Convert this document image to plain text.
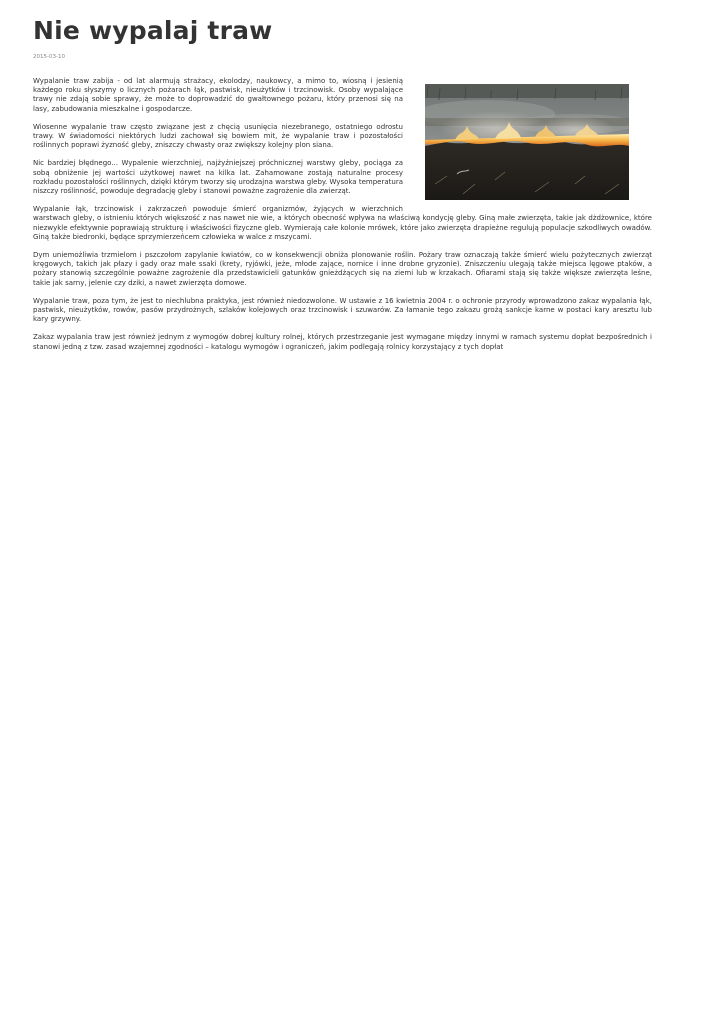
Nie wypalaj traw
2015-03-10

Wypalanie traw zabija - od lat alarmują strażacy, ekolodzy, naukowcy, a mimo to, wiosną i jesienią każdego roku słyszymy o licznych pożarach łąk, pastwisk, nieużytków i trzcinowisk. Osoby wypalające trawy nie zdają sobie sprawy, że może to doprowadzić do gwałtownego pożaru, który przenosi się na lasy, zabudowania mieszkalne i gospodarcze.

Wiosenne wypalanie traw często związane jest z chęcią usunięcia niezebranego, ostatniego odrostu trawy. W świadomości niektórych ludzi zachował się bowiem mit, że wypalanie traw i pozostałości roślinnych poprawi żyzność gleby, zniszczy chwasty oraz zwiększy kolejny plon siana.

Nic bardziej błędnego... Wypalenie wierzchniej, najżyźniejszej próchnicznej warstwy gleby, pociąga za sobą obniżenie jej wartości użytkowej nawet na kilka lat. Zahamowane zostają naturalne procesy rozkładu pozostałości roślinnych, dzięki którym tworzy się urodzajna warstwa gleby. Wysoka temperatura niszczy roślinność, powoduje degradację gleby i stanowi poważne zagrożenie dla zwierząt.

Wypalanie łąk, trzcinowisk i zakrzaczeń powoduje śmierć organizmów, żyjących w wierzchnich warstwach gleby, o istnieniu których większość z nas nawet nie wie, a których obecność wpływa na właściwą kondycję gleby. Giną małe zwierzęta, takie jak dżdżownice, które niezwykle efektywnie poprawiają strukturę i właściwości fizyczne gleb. Wymierają całe kolonie mrówek, które jako zwierzęta drapieżne regulują populacje szkodliwych owadów. Giną także biedronki, będące sprzymierzeńcem człowieka w walce z mszycami.

Dym uniemożliwia trzmielom i pszczołom zapylanie kwiatów, co w konsekwencji obniża plonowanie roślin. Pożary traw oznaczają także śmierć wielu pożytecznych zwierząt kręgowych, takich jak płazy i gady oraz małe ssaki (krety, ryjówki, jeże, młode zające, nornice i inne drobne gryzonie). Zniszczeniu ulegają także miejsca lęgowe ptaków, a pożary stanowią szczególnie poważne zagrożenie dla przedstawicieli gatunków gnieżdżących się na ziemi lub w krzakach. Ofiarami stają się także większe zwierzęta leśne, takie jak sarny, jelenie czy dziki, a nawet zwierzęta domowe.

Wypalanie traw, poza tym, że jest to niechlubna praktyka, jest również niedozwolone. W ustawie z 16 kwietnia 2004 r. o ochronie przyrody wprowadzono zakaz wypalania łąk, pastwisk, nieużytków, rowów, pasów przydrożnych, szlaków kolejowych oraz trzcinowisk i szuwarów. Za łamanie tego zakazu grożą sankcje karne w postaci kary aresztu lub kary grzywny.

Zakaz wypalania traw jest również jednym z wymogów dobrej kultury rolnej, których przestrzeganie jest wymagane między innymi w ramach systemu dopłat bezpośrednich i stanowi jedną z tzw. zasad wzajemnej zgodności – katalogu wymogów i ograniczeń, jakim podlegają rolnicy korzystający z tych dopłat
